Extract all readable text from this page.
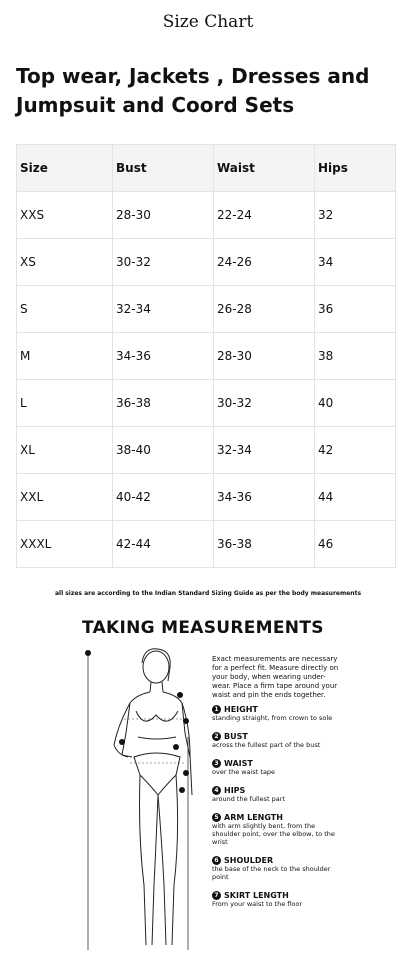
Size Chart
Top wear, Jackets , Dresses and Jumpsuit and Coord Sets
Size	Bust	Waist	Hips
XXS	28-30	22-24	32
XS	30-32	24-26	34
S	32-34	26-28	36
M	34-36	28-30	38
L	36-38	30-32	40
XL	38-40	32-34	42
XXL	40-42	34-36	44
XXXL	42-44	36-38	46
all sizes are according to the Indian Standard Sizing Guide as per the body measurements
TAKING MEASUREMENTS
Exact measurements are necessary for a perfect fit. Measure directly on your body, when wearing under-wear. Place a firm tape around your waist and pin the ends together.
1 HEIGHT
standing straight, from crown to sole
2 BUST
across the fullest part of the bust
3 WAIST
over the waist tape
4 HIPS
around the fullest part
5 ARM LENGTH
with arm slightly bent, from the shoulder point, over the elbow, to the wrist
6 SHOULDER
the base of the neck to the shoulder point
7 SKIRT LENGTH
From your waist to the floor
